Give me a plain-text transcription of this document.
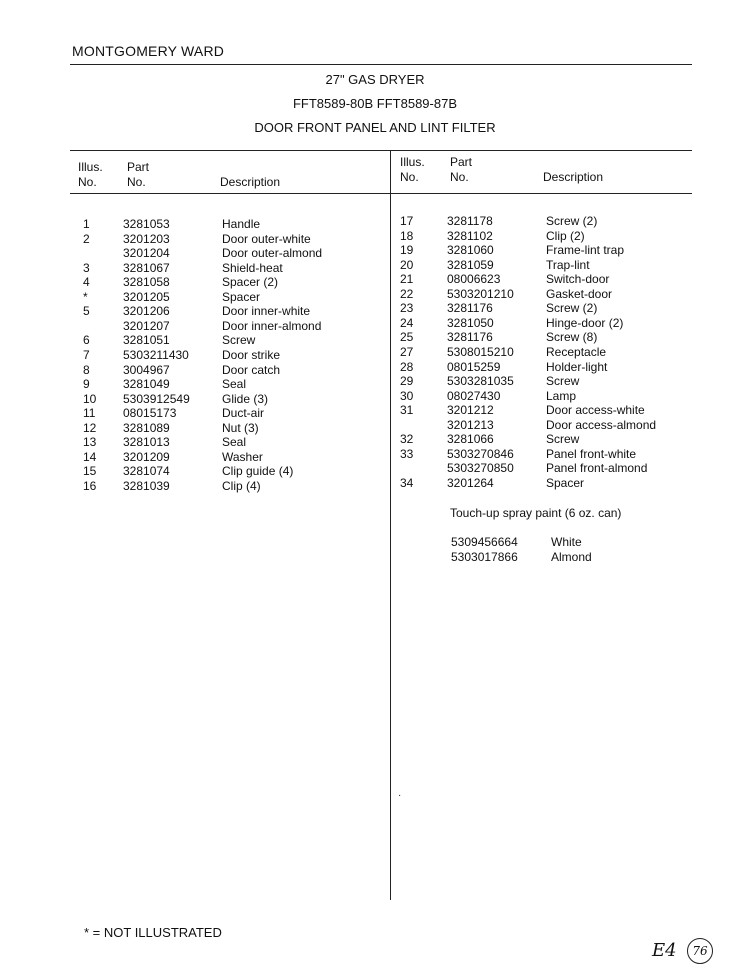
MONTGOMERY WARD
27" GAS DRYER
FFT8589-80B FFT8589-87B
DOOR FRONT PANEL AND LINT FILTER
Illus.
No.
Part
No.	Description
Illus.
No.
Part
No.	Description
1	3281053	Handle
2	3201203	Door outer-white
3201204	Door outer-almond
3	3281067	Shield-heat
4	3281058	Spacer (2)
*	3201205	Spacer
5	3201206	Door inner-white
3201207	Door inner-almond
6	3281051	Screw
7	5303211430	Door strike
8	3004967	Door catch
9	3281049	Seal
10 5303912549	Glide (3)
11 08015173	Duct-air
12 3281089	Nut (3)
13 3281013	Seal
14 3201209	Washer
15 3281074	Clip guide (4)
16 3281039	Clip (4)
17	3281178	Screw (2)
18	3281102	Clip (2)
19	3281060	Frame-lint trap
20	3281059	Trap-lint
21	08006623	Switch-door
22	5303201210	Gasket-door
23	3281176	Screw (2)
24	3281050	Hinge-door (2)
25	3281176	Screw (8)
27	5308015210	Receptacle
28	08015259	Holder-light
29	5303281035	Screw
30	08027430	Lamp
31	3201212	Door access-white
3201213	Door access-almond
32	3281066	Screw
33	5303270846	Panel front-white
5303270850	Panel front-almond
34	3201264	Spacer
Touch-up spray paint (6 oz. can)
5309456664	White
5303017866	Almond
·
* = NOT ILLUSTRATED
E4	76
